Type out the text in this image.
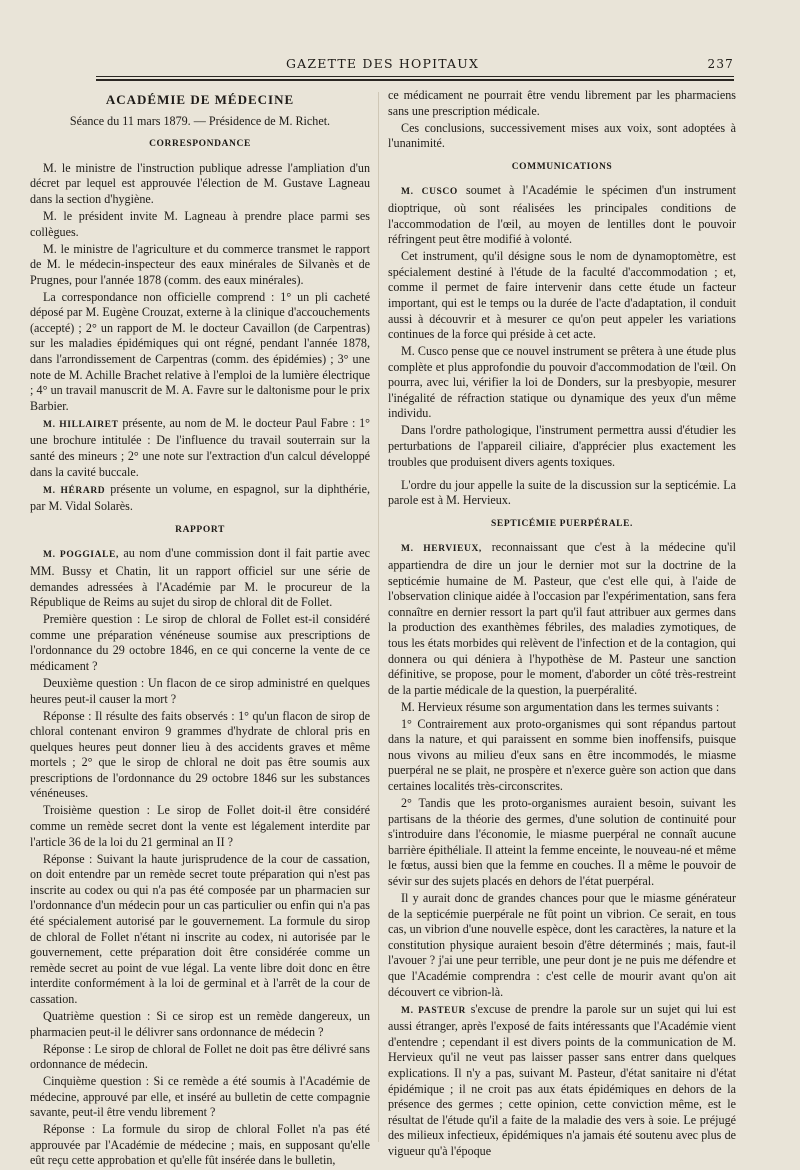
GAZETTE DES HOPITAUX	237
ACADÉMIE DE MÉDECINE

Séance du 11 mars 1879. — Présidence de M. Richet.

CORRESPONDANCE

M. le ministre de l'instruction publique adresse l'ampliation d'un décret par lequel est approuvée l'élection de M. Gustave Lagneau dans la section d'hygiène.

M. le président invite M. Lagneau à prendre place parmi ses collègues.

M. le ministre de l'agriculture et du commerce transmet le rapport de M. le médecin-inspecteur des eaux minérales de Silvanès et de Prugnes, pour l'année 1878 (comm. des eaux minérales).

La correspondance non officielle comprend : 1° un pli cacheté déposé par M. Eugène Crouzat, externe à la clinique d'accouchements (accepté) ; 2° un rapport de M. le docteur Cavaillon (de Carpentras) sur les maladies épidémiques qui ont régné, pendant l'année 1878, dans l'arrondissement de Carpentras (comm. des épidémies) ; 3° une note de M. Achille Brachet relative à l'emploi de la lumière électrique ; 4° un travail manuscrit de M. A. Favre sur le daltonisme pour le prix Barbier.

M. HILLAIRET présente, au nom de M. le docteur Paul Fabre : 1° une brochure intitulée : De l'influence du travail souterrain sur la santé des mineurs ; 2° une note sur l'extraction d'un calcul développé dans la cavité buccale.

M. HÉRARD présente un volume, en espagnol, sur la diphthérie, par M. Vidal Solarès.

RAPPORT

M. POGGIALE, au nom d'une commission dont il fait partie avec MM. Bussy et Chatin, lit un rapport officiel sur une série de demandes adressées à l'Académie par M. le procureur de la République de Reims au sujet du sirop de chloral dit de Follet.

Première question : Le sirop de chloral de Follet est-il considéré comme une préparation vénéneuse soumise aux prescriptions de l'ordonnance du 29 octobre 1846, en ce qui concerne la vente de ce médicament ?

Deuxième question : Un flacon de ce sirop administré en quelques heures peut-il causer la mort ?

Réponse : Il résulte des faits observés : 1° qu'un flacon de sirop de chloral contenant environ 9 grammes d'hydrate de chloral pris en quelques heures peut donner lieu à des accidents graves et même mortels ; 2° que le sirop de chloral ne doit pas être soumis aux prescriptions de l'ordonnance du 29 octobre 1846 sur les substances vénéneuses.

Troisième question : Le sirop de Follet doit-il être considéré comme un remède secret dont la vente est légalement interdite par l'article 36 de la loi du 21 germinal an II ?

Réponse : Suivant la haute jurisprudence de la cour de cassation, on doit entendre par un remède secret toute préparation qui n'est pas inscrite au codex ou qui n'a pas été composée par un pharmacien sur l'ordonnance d'un médecin pour un cas particulier ou enfin qui n'a pas été spécialement autorisé par le gouvernement. La formule du sirop de chloral de Follet n'étant ni inscrite au codex, ni autorisée par le gouvernement, cette préparation doit être considérée comme un remède secret au point de vue légal. La vente libre doit donc en être interdite conformément à la loi de germinal et à l'arrêt de la cour de cassation.

Quatrième question : Si ce sirop est un remède dangereux, un pharmacien peut-il le délivrer sans ordonnance de médecin ?

Réponse : Le sirop de chloral de Follet ne doit pas être délivré sans ordonnance de médecin.

Cinquième question : Si ce remède a été soumis à l'Académie de médecine, approuvé par elle, et inséré au bulletin de cette compagnie savante, peut-il être vendu librement ?

Réponse : La formule du sirop de chloral Follet n'a pas été approuvée par l'Académie de médecine ; mais, en supposant qu'elle eût reçu cette approbation et qu'elle fût insérée dans le bulletin,

ce médicament ne pourrait être vendu librement par les pharmaciens sans une prescription médicale.

Ces conclusions, successivement mises aux voix, sont adoptées à l'unanimité.

COMMUNICATIONS

M. CUSCO soumet à l'Académie le spécimen d'un instrument dioptrique, où sont réalisées les principales conditions de l'accommodation de l'œil, au moyen de lentilles dont le pouvoir réfringent peut être modifié à volonté.

Cet instrument, qu'il désigne sous le nom de dynamoptomètre, est spécialement destiné à l'étude de la faculté d'accommodation ; et, comme il permet de faire intervenir dans cette étude un facteur important, qui est le temps ou la durée de l'acte d'adaptation, il conduit aussi à découvrir et à mesurer ce qu'on peut appeler les variations continues de la force qui préside à cet acte.

M. Cusco pense que ce nouvel instrument se prêtera à une étude plus complète et plus approfondie du pouvoir d'accommodation de l'œil. On pourra, avec lui, vérifier la loi de Donders, sur la presbyopie, mesurer l'inégalité de réfraction statique ou dynamique des yeux d'un même individu.

Dans l'ordre pathologique, l'instrument permettra aussi d'étudier les perturbations de l'appareil ciliaire, d'apprécier plus exactement les troubles que produisent divers agents toxiques.

L'ordre du jour appelle la suite de la discussion sur la septicémie. La parole est à M. Hervieux.

SEPTICÉMIE PUERPÉRALE.

M. HERVIEUX, reconnaissant que c'est à la médecine qu'il appartiendra de dire un jour le dernier mot sur la doctrine de la septicémie humaine de M. Pasteur, que c'est elle qui, à l'aide de l'observation clinique aidée à l'occasion par l'expérimentation, sans fera connaître en dernier ressort la part qu'il faut attribuer aux germes dans la production des exanthèmes fébriles, des maladies zymotiques, de tous les états morbides qui relèvent de l'infection et de la contagion, qui donnera ou qui déniera à l'hypothèse de M. Pasteur une sanction définitive, se propose, pour le moment, d'aborder un côté très-restreint de la partie médicale de la question, la puerpéralité.

M. Hervieux résume son argumentation dans les termes suivants :

1° Contrairement aux proto-organismes qui sont répandus partout dans la nature, et qui paraissent en somme bien inoffensifs, puisque nous vivons au milieu d'eux sans en être incommodés, le miasme puerpéral ne se plait, ne prospère et n'exerce guère son action que dans certaines localités très-circonscrites.

2° Tandis que les proto-organismes auraient besoin, suivant les partisans de la théorie des germes, d'une solution de continuité pour s'introduire dans l'économie, le miasme puerpéral ne connaît aucune barrière épithéliale. Il atteint la femme enceinte, le nouveau-né et même le fœtus, aussi bien que la femme en couches. Il a même le pouvoir de sévir sur des sujets placés en dehors de l'état puerpéral.

Il y aurait donc de grandes chances pour que le miasme générateur de la septicémie puerpérale ne fût point un vibrion. Ce serait, en tous cas, un vibrion d'une nouvelle espèce, dont les caractères, la nature et la constitution physique auraient besoin d'être déterminés ; mais, faut-il l'avouer ? j'ai une peur terrible, une peur dont je ne puis me défendre et que l'Académie comprendra : c'est celle de mourir avant qu'on ait découvert ce vibrion-là.

M. PASTEUR s'excuse de prendre la parole sur un sujet qui lui est aussi étranger, après l'exposé de faits intéressants que l'Académie vient d'entendre ; cependant il est divers points de la communication de M. Hervieux qu'il ne veut pas laisser passer sans entrer dans quelques explications. Il n'y a pas, suivant M. Pasteur, d'état sanitaire ni d'état épidémique ; il ne croit pas aux états épidémiques en dehors de la présence des germes ; cette opinion, cette conviction même, est le résultat de l'étude qu'il a faite de la maladie des vers à soie. Le préjugé des milieux infectieux, épidémiques n'a jamais été soutenu avec plus de vigueur qu'à l'époque
